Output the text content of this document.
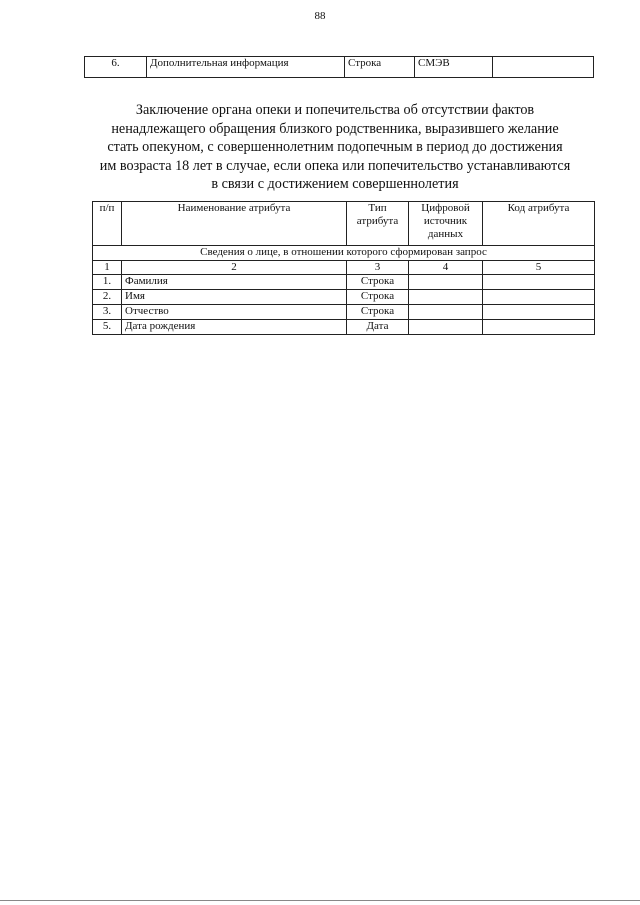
88
6.	Дополнительная информация	Строка	СМЭВ	
Заключение органа опеки и попечительства об отсутствии фактов
ненадлежащего обращения близкого родственника, выразившего желание
стать опекуном, с совершеннолетним подопечным в период до достижения
им возраста 18 лет в случае, если опека или попечительство устанавливаются
в связи с достижением совершеннолетия
п/п	Наименование атрибута	Тип атрибута	Цифровой источник данных	Код атрибута
Сведения о лице, в отношении которого сформирован запрос				
1	2	3	4	5
1.	Фамилия	Строка		
2.	Имя	Строка		
3.	Отчество	Строка		
5.	Дата рождения	Дата		
